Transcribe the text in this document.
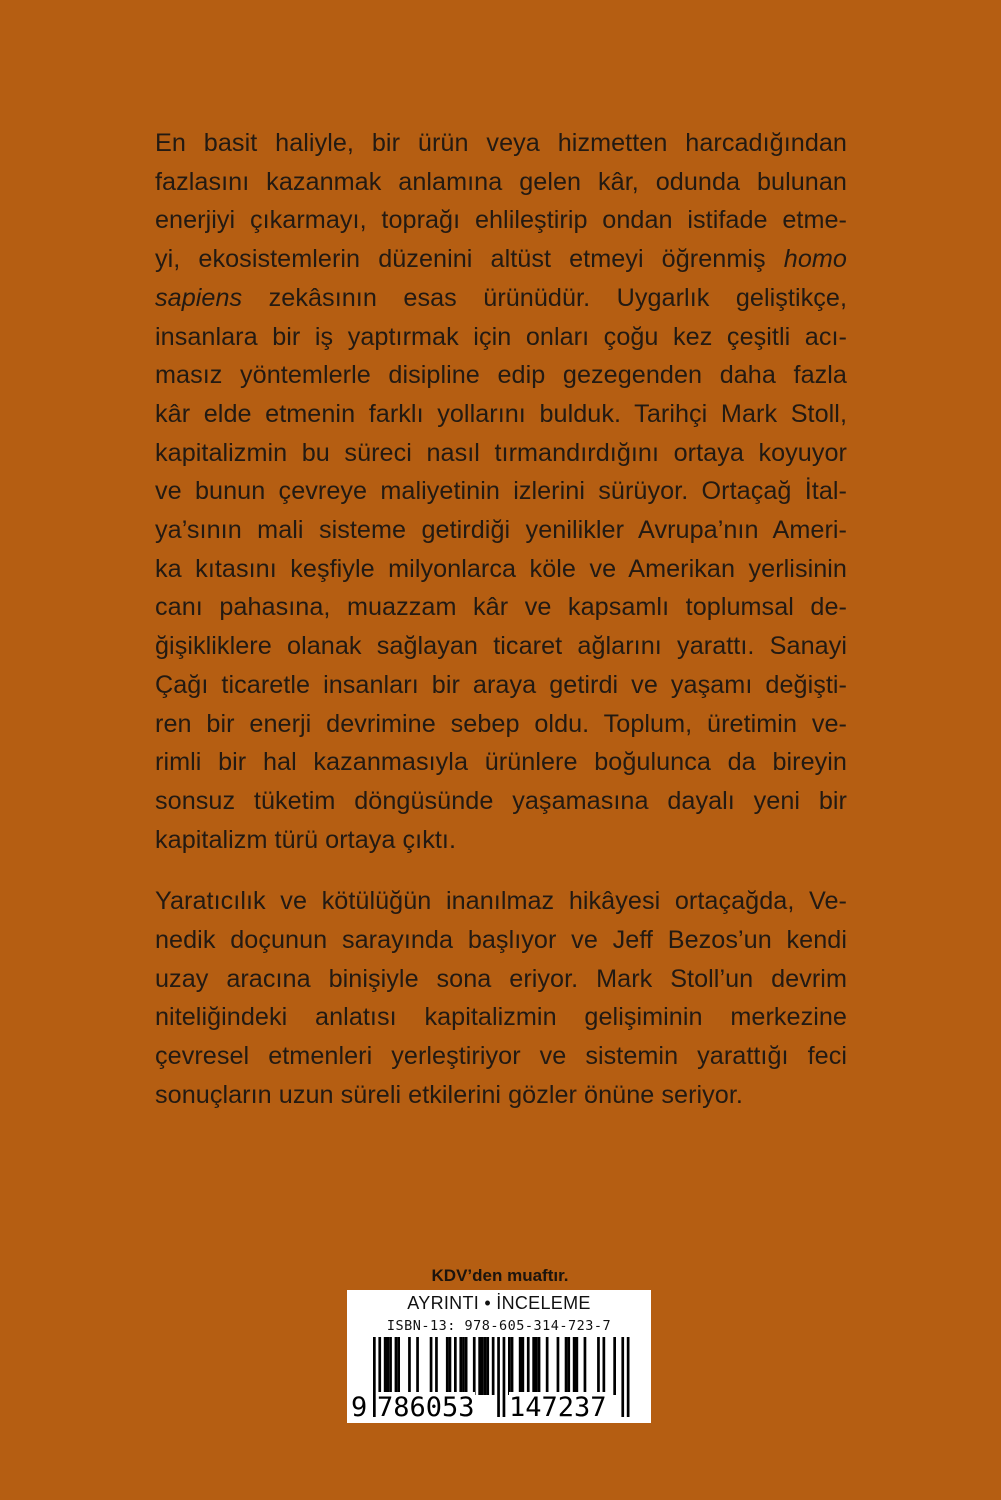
En basit haliyle, bir ürün veya hizmetten harcadığından
fazlasını kazanmak anlamına gelen kâr, odunda bulunan
enerjiyi çıkarmayı, toprağı ehlileştirip ondan istifade etme-
yi, ekosistemlerin düzenini altüst etmeyi öğrenmiş homo
sapiens zekâsının esas ürünüdür. Uygarlık geliştikçe,
insanlara bir iş yaptırmak için onları çoğu kez çeşitli acı-
masız yöntemlerle disipline edip gezegenden daha fazla
kâr elde etmenin farklı yollarını bulduk. Tarihçi Mark Stoll,
kapitalizmin bu süreci nasıl tırmandırdığını ortaya koyuyor
ve bunun çevreye maliyetinin izlerini sürüyor. Ortaçağ İtal-
ya’sının mali sisteme getirdiği yenilikler Avrupa’nın Ameri-
ka kıtasını keşfiyle milyonlarca köle ve Amerikan yerlisinin
canı pahasına, muazzam kâr ve kapsamlı toplumsal de-
ğişikliklere olanak sağlayan ticaret ağlarını yarattı. Sanayi
Çağı ticaretle insanları bir araya getirdi ve yaşamı değişti-
ren bir enerji devrimine sebep oldu. Toplum, üretimin ve-
rimli bir hal kazanmasıyla ürünlere boğulunca da bireyin
sonsuz tüketim döngüsünde yaşamasına dayalı yeni bir
kapitalizm türü ortaya çıktı.

Yaratıcılık ve kötülüğün inanılmaz hikâyesi ortaçağda, Ve-
nedik doçunun sarayında başlıyor ve Jeff Bezos’un kendi
uzay aracına binişiyle sona eriyor. Mark Stoll’un devrim
niteliğindeki anlatısı kapitalizmin gelişiminin merkezine
çevresel etmenleri yerleştiriyor ve sistemin yarattığı feci
sonuçların uzun süreli etkilerini gözler önüne seriyor.

KDV’den muaftır.
AYRINTI • İNCELEME
ISBN-13: 978-605-314-723-7
9 786053 147237
